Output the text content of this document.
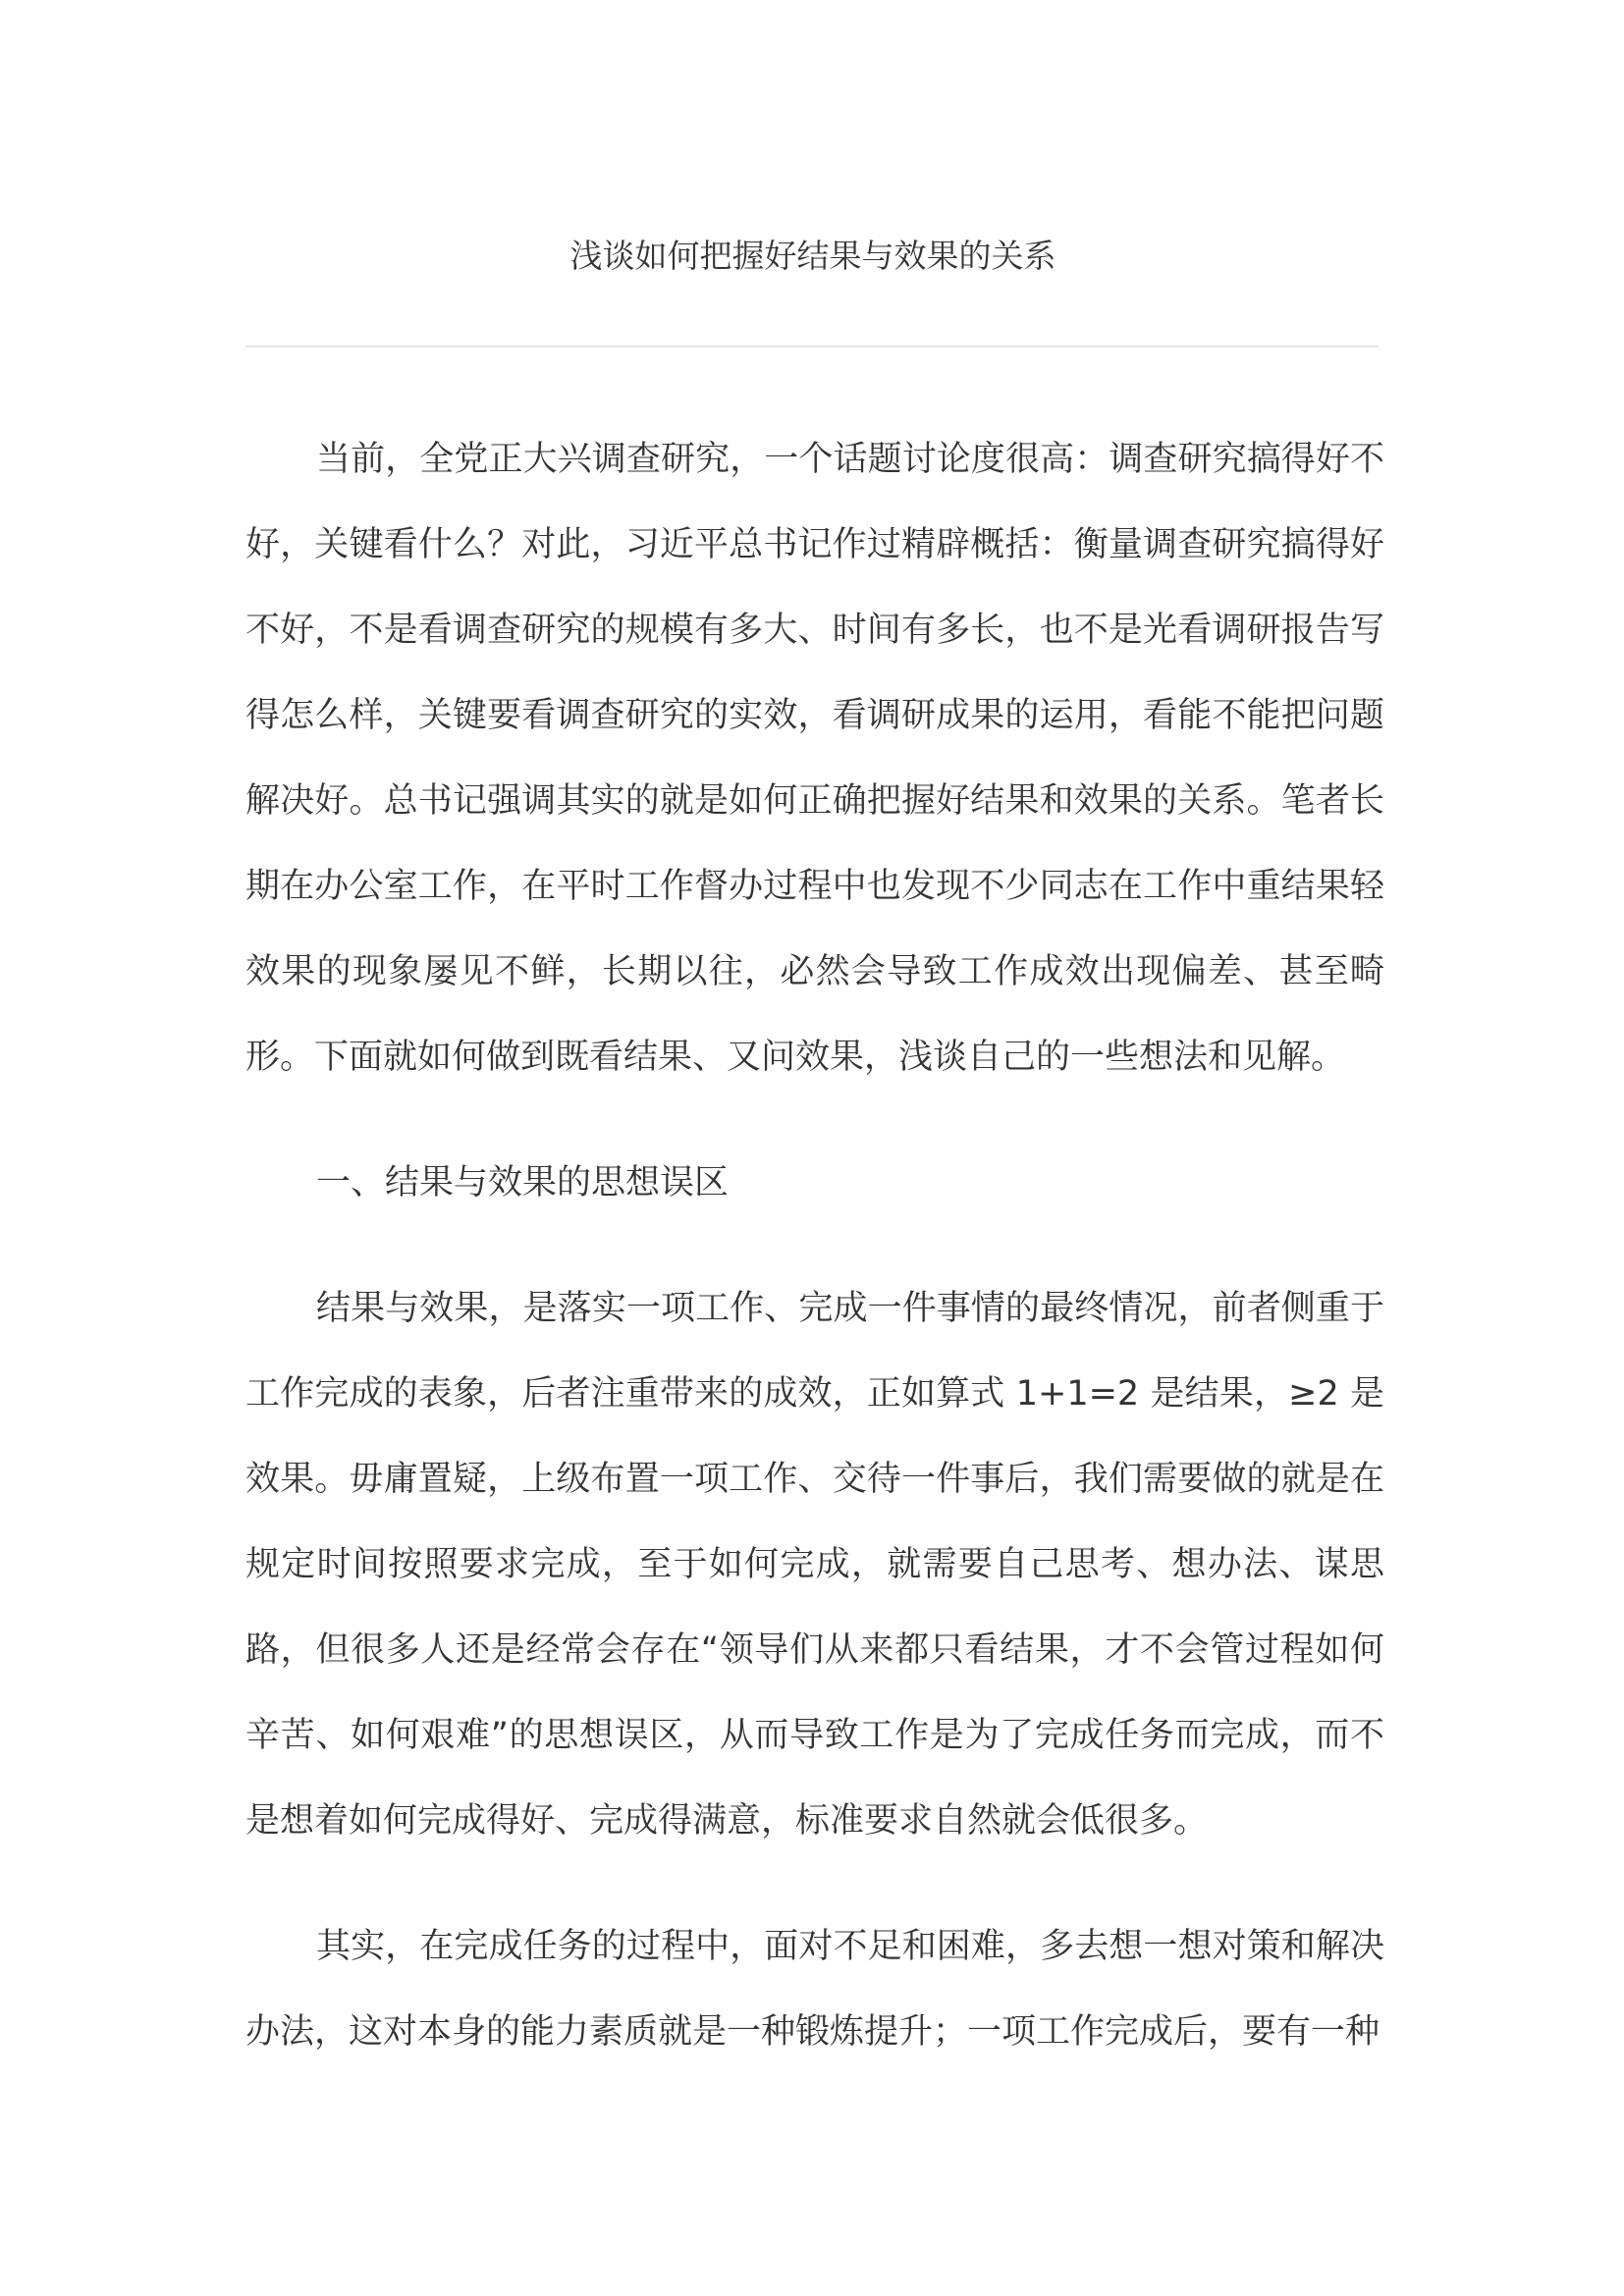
浅谈如何把握好结果与效果的关系

当前，全党正大兴调查研究，一个话题讨论度很高：调查研究搞得好不好，关键看什么？对此，习近平总书记作过精辟概括：衡量调查研究搞得好不好，不是看调查研究的规模有多大、时间有多长，也不是光看调研报告写得怎么样，关键要看调查研究的实效，看调研成果的运用，看能不能把问题解决好。总书记强调其实的就是如何正确把握好结果和效果的关系。笔者长期在办公室工作，在平时工作督办过程中也发现不少同志在工作中重结果轻效果的现象屡见不鲜，长期以往，必然会导致工作成效出现偏差、甚至畸形。下面就如何做到既看结果、又问效果，浅谈自己的一些想法和见解。

一、结果与效果的思想误区

结果与效果，是落实一项工作、完成一件事情的最终情况，前者侧重于工作完成的表象，后者注重带来的成效，正如算式 1+1=2 是结果，≥2 是效果。毋庸置疑，上级布置一项工作、交待一件事后，我们需要做的就是在规定时间按照要求完成，至于如何完成，就需要自己思考、想办法、谋思路，但很多人还是经常会存在“领导们从来都只看结果，才不会管过程如何辛苦、如何艰难”的思想误区，从而导致工作是为了完成任务而完成，而不是想着如何完成得好、完成得满意，标准要求自然就会低很多。

其实，在完成任务的过程中，面对不足和困难，多去想一想对策和解决办法，这对本身的能力素质就是一种锻炼提升；一项工作完成后，要有一种
